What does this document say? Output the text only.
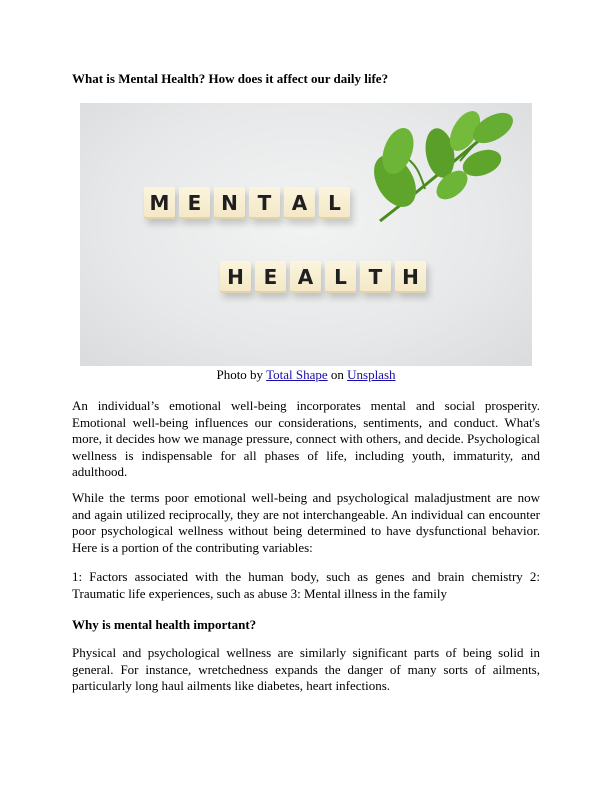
What is Mental Health? How does it affect our daily life?
M E N T	A	L
H E	A	L	T H
Photo by Total Shape on Unsplash

An individual’s emotional well-being incorporates mental and social prosperity. Emotional well-being influences our considerations, sentiments, and conduct. What's more, it decides how we manage pressure, connect with others, and decide. Psychological wellness is indispensable for all phases of life, including youth, immaturity, and adulthood.

While the terms poor emotional well-being and psychological maladjustment are now and again utilized reciprocally, they are not interchangeable. An individual can encounter poor psychological wellness without being determined to have dysfunctional behavior. Here is a portion of the contributing variables:

1: Factors associated with the human body, such as genes and brain chemistry 2: Traumatic life experiences, such as abuse 3: Mental illness in the family

Why is mental health important?

Physical and psychological wellness are similarly significant parts of being solid in general. For instance, wretchedness expands the danger of many sorts of ailments, particularly long haul ailments like diabetes, heart infections.
